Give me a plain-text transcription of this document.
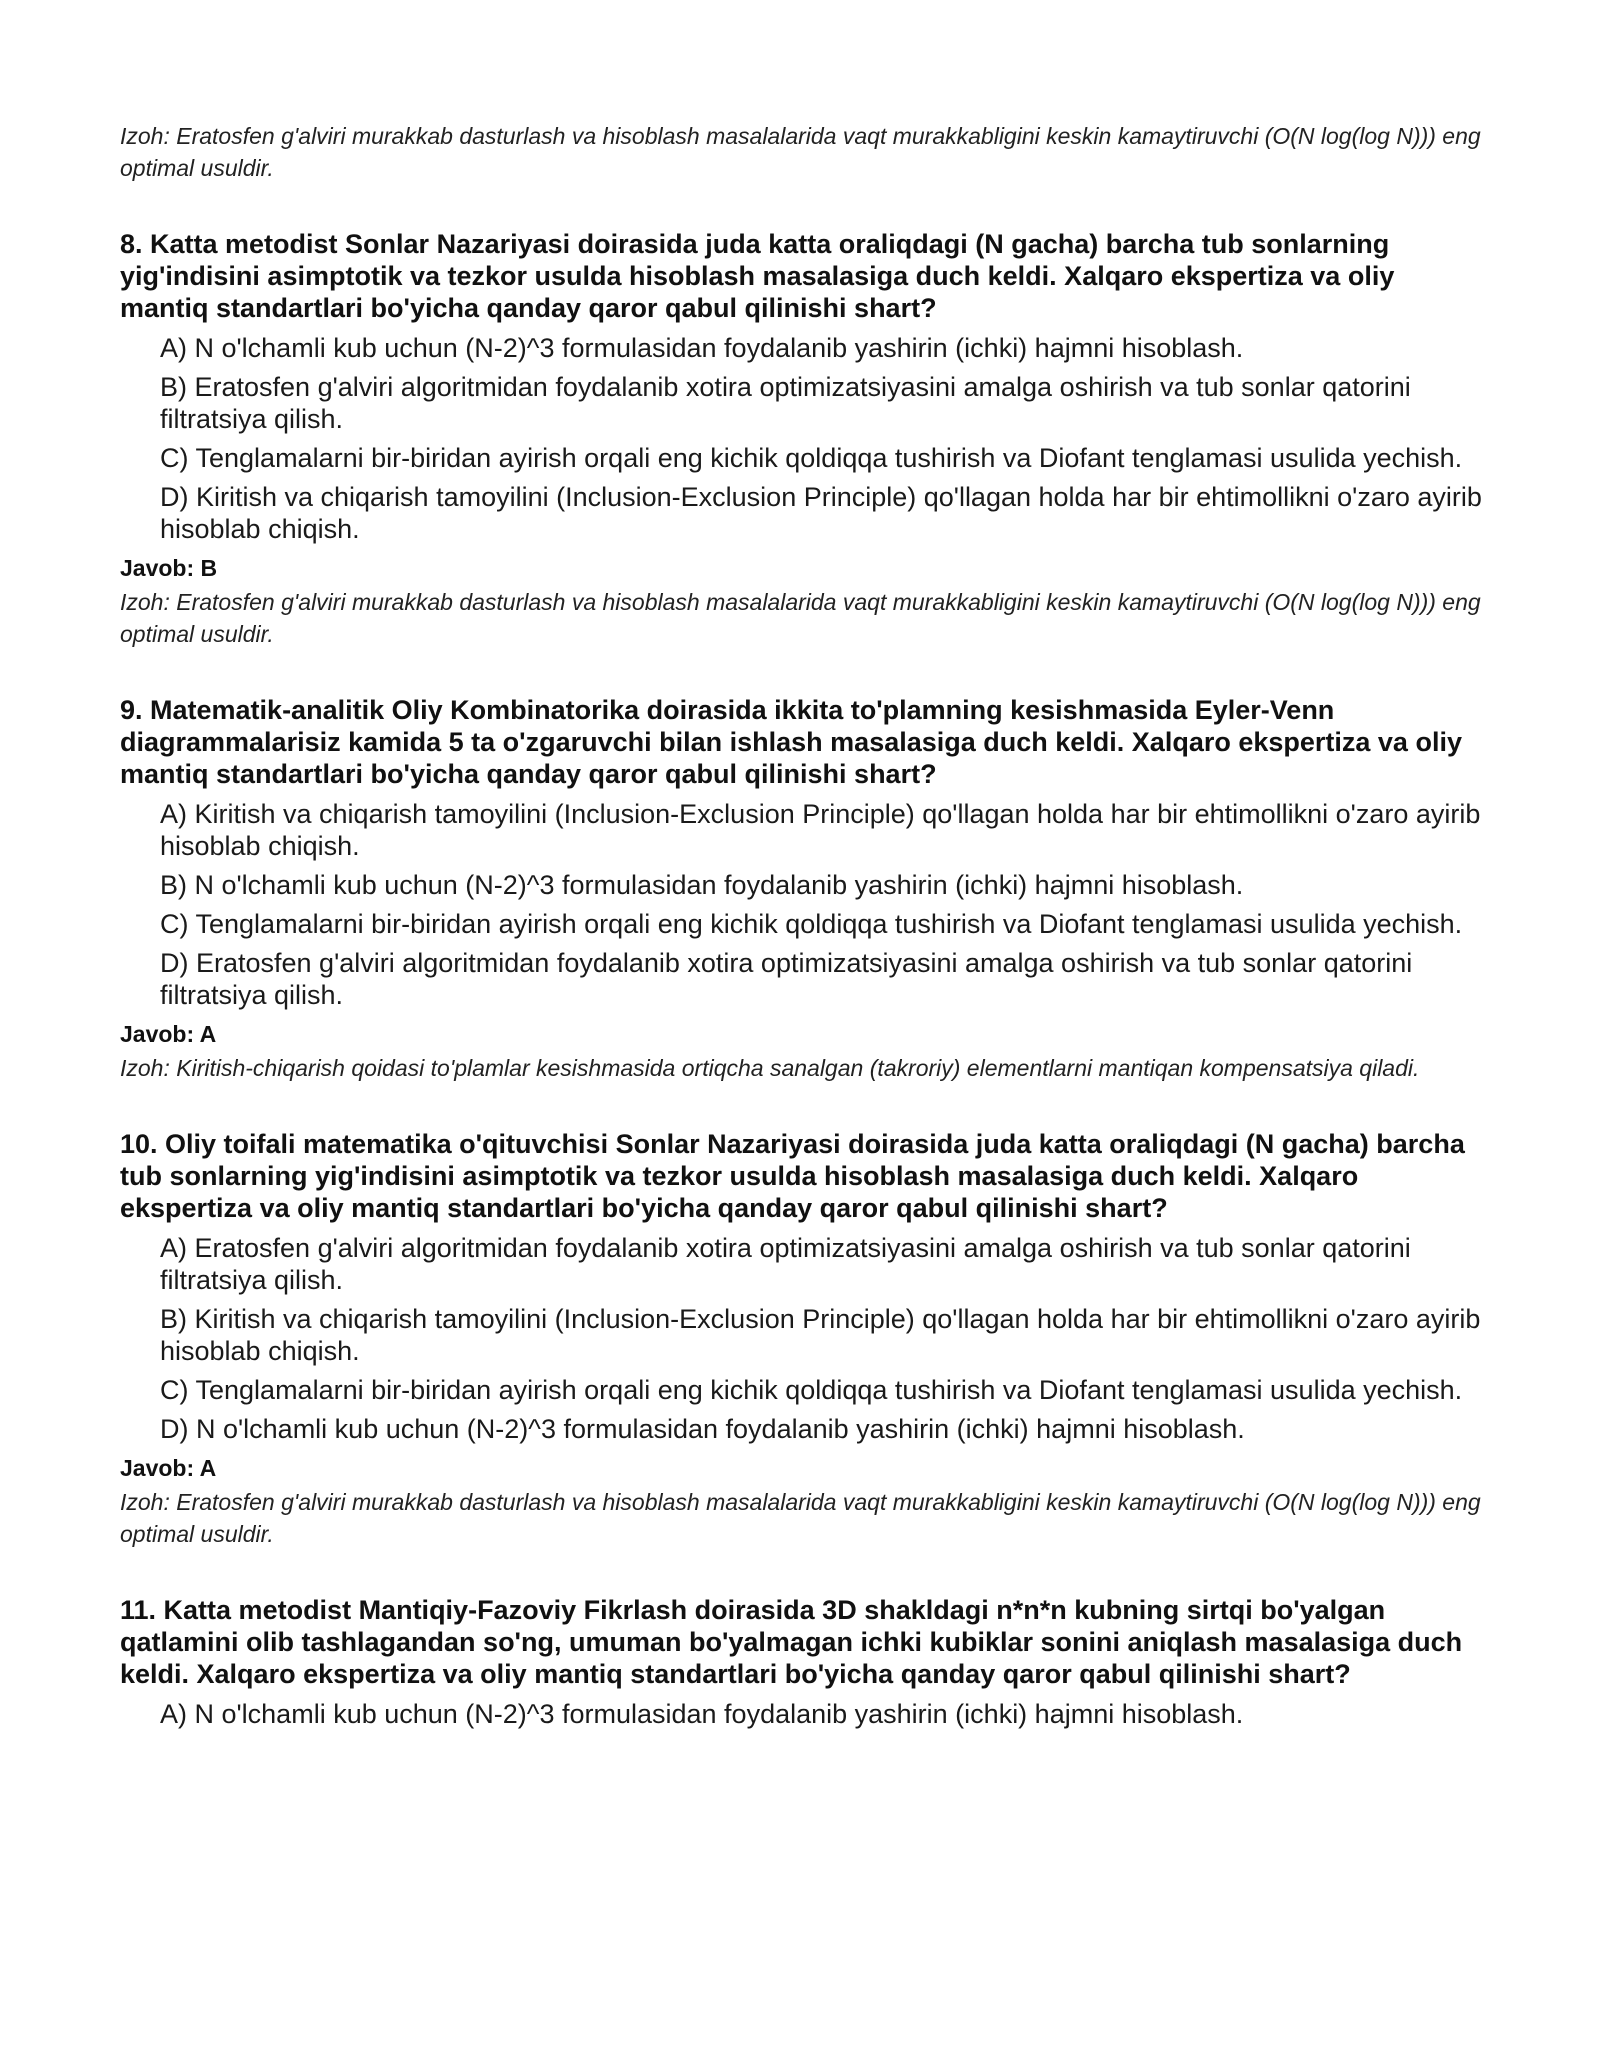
Izoh: Eratosfen g'alviri murakkab dasturlash va hisoblash masalalarida vaqt murakkabligini keskin kamaytiruvchi (O(N log(log N))) eng optimal usuldir.

8. Katta metodist Sonlar Nazariyasi doirasida juda katta oraliqdagi (N gacha) barcha tub sonlarning yig'indisini asimptotik va tezkor usulda hisoblash masalasiga duch keldi. Xalqaro ekspertiza va oliy mantiq standartlari bo'yicha qanday qaror qabul qilinishi shart?

A) N o'lchamli kub uchun (N-2)^3 formulasidan foydalanib yashirin (ichki) hajmni hisoblash.
B) Eratosfen g'alviri algoritmidan foydalanib xotira optimizatsiyasini amalga oshirish va tub sonlar qatorini filtratsiya qilish.
C) Tenglamalarni bir-biridan ayirish orqali eng kichik qoldiqqa tushirish va Diofant tenglamasi usulida yechish.
D) Kiritish va chiqarish tamoyilini (Inclusion-Exclusion Principle) qo'llagan holda har bir ehtimollikni o'zaro ayirib hisoblab chiqish.

Javob: B

Izoh: Eratosfen g'alviri murakkab dasturlash va hisoblash masalalarida vaqt murakkabligini keskin kamaytiruvchi (O(N log(log N))) eng optimal usuldir.

9. Matematik-analitik Oliy Kombinatorika doirasida ikkita to'plamning kesishmasida Eyler-Venn diagrammalarisiz kamida 5 ta o'zgaruvchi bilan ishlash masalasiga duch keldi. Xalqaro ekspertiza va oliy mantiq standartlari bo'yicha qanday qaror qabul qilinishi shart?

A) Kiritish va chiqarish tamoyilini (Inclusion-Exclusion Principle) qo'llagan holda har bir ehtimollikni o'zaro ayirib hisoblab chiqish.
B) N o'lchamli kub uchun (N-2)^3 formulasidan foydalanib yashirin (ichki) hajmni hisoblash.
C) Tenglamalarni bir-biridan ayirish orqali eng kichik qoldiqqa tushirish va Diofant tenglamasi usulida yechish.
D) Eratosfen g'alviri algoritmidan foydalanib xotira optimizatsiyasini amalga oshirish va tub sonlar qatorini filtratsiya qilish.

Javob: A

Izoh: Kiritish-chiqarish qoidasi to'plamlar kesishmasida ortiqcha sanalgan (takroriy) elementlarni mantiqan kompensatsiya qiladi.

10. Oliy toifali matematika o'qituvchisi Sonlar Nazariyasi doirasida juda katta oraliqdagi (N gacha) barcha tub sonlarning yig'indisini asimptotik va tezkor usulda hisoblash masalasiga duch keldi. Xalqaro ekspertiza va oliy mantiq standartlari bo'yicha qanday qaror qabul qilinishi shart?

A) Eratosfen g'alviri algoritmidan foydalanib xotira optimizatsiyasini amalga oshirish va tub sonlar qatorini filtratsiya qilish.
B) Kiritish va chiqarish tamoyilini (Inclusion-Exclusion Principle) qo'llagan holda har bir ehtimollikni o'zaro ayirib hisoblab chiqish.
C) Tenglamalarni bir-biridan ayirish orqali eng kichik qoldiqqa tushirish va Diofant tenglamasi usulida yechish.
D) N o'lchamli kub uchun (N-2)^3 formulasidan foydalanib yashirin (ichki) hajmni hisoblash.

Javob: A

Izoh: Eratosfen g'alviri murakkab dasturlash va hisoblash masalalarida vaqt murakkabligini keskin kamaytiruvchi (O(N log(log N))) eng optimal usuldir.

11. Katta metodist Mantiqiy-Fazoviy Fikrlash doirasida 3D shakldagi n*n*n kubning sirtqi bo'yalgan qatlamini olib tashlagandan so'ng, umuman bo'yalmagan ichki kubiklar sonini aniqlash masalasiga duch keldi. Xalqaro ekspertiza va oliy mantiq standartlari bo'yicha qanday qaror qabul qilinishi shart?

A) N o'lchamli kub uchun (N-2)^3 formulasidan foydalanib yashirin (ichki) hajmni hisoblash.
